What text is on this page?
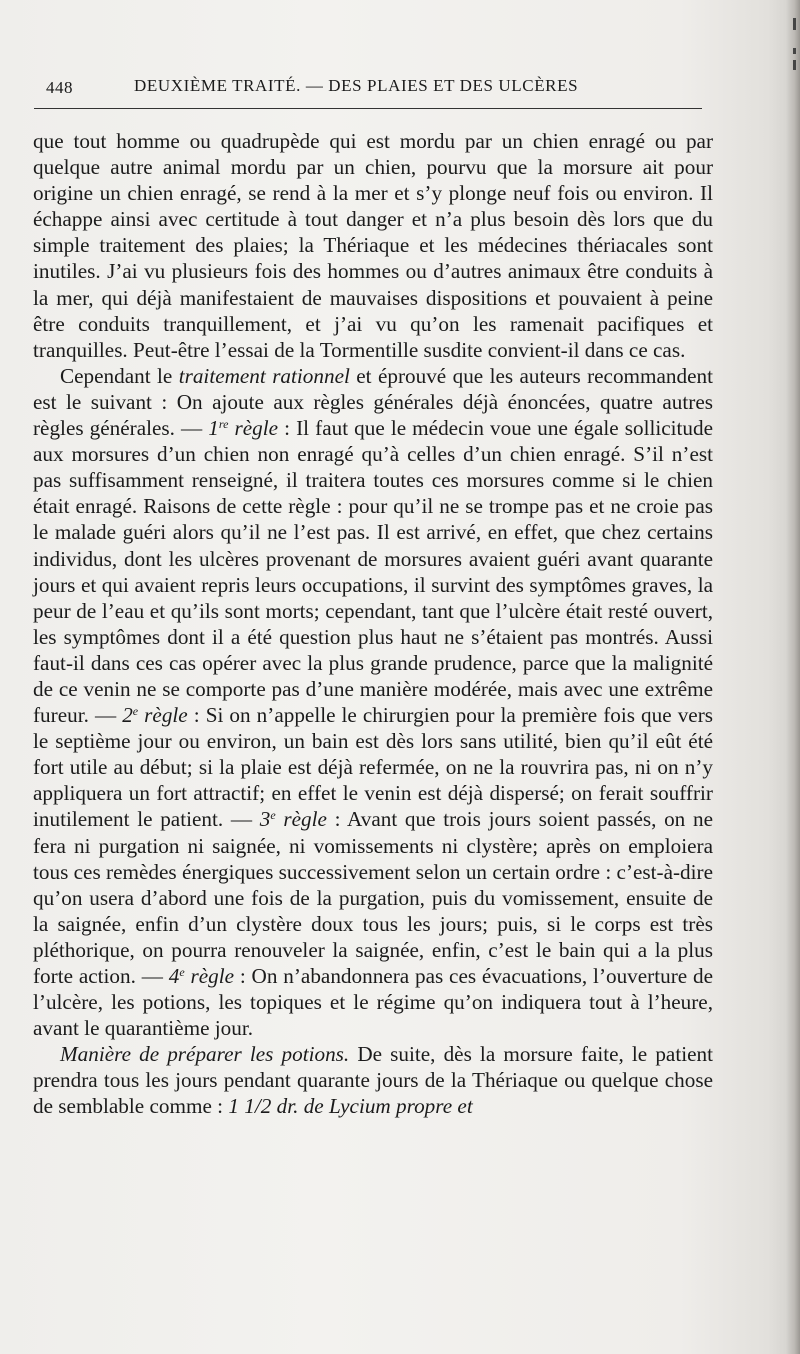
448	DEUXIÈME TRAITÉ. — DES PLAIES ET DES ULCÈRES

que tout homme ou quadrupède qui est mordu par un chien enragé ou par quelque autre animal mordu par un chien, pourvu que la morsure ait pour origine un chien enragé, se rend à la mer et s’y plonge neuf fois ou environ. Il échappe ainsi avec certitude à tout danger et n’a plus besoin dès lors que du simple traitement des plaies; la Thériaque et les médecines thériacales sont inutiles. J’ai vu plusieurs fois des hommes ou d’autres animaux être conduits à la mer, qui déjà manifestaient de mauvaises dispositions et pouvaient à peine être conduits tranquillement, et j’ai vu qu’on les ramenait pacifiques et tranquilles. Peut-être l’essai de la Tormentille susdite convient-il dans ce cas.

Cependant le traitement rationnel et éprouvé que les auteurs recommandent est le suivant : On ajoute aux règles générales déjà énoncées, quatre autres règles générales. — 1re règle : Il faut que le médecin voue une égale sollicitude aux morsures d’un chien non enragé qu’à celles d’un chien enragé. S’il n’est pas suffisamment renseigné, il traitera toutes ces morsures comme si le chien était enragé. Raisons de cette règle : pour qu’il ne se trompe pas et ne croie pas le malade guéri alors qu’il ne l’est pas. Il est arrivé, en effet, que chez certains individus, dont les ulcères provenant de morsures avaient guéri avant quarante jours et qui avaient repris leurs occupations, il survint des symptômes graves, la peur de l’eau et qu’ils sont morts; cependant, tant que l’ulcère était resté ouvert, les symptômes dont il a été question plus haut ne s’étaient pas montrés. Aussi faut-il dans ces cas opérer avec la plus grande prudence, parce que la malignité de ce venin ne se comporte pas d’une manière modérée, mais avec une extrême fureur. — 2e règle : Si on n’appelle le chirurgien pour la première fois que vers le septième jour ou environ, un bain est dès lors sans utilité, bien qu’il eût été fort utile au début; si la plaie est déjà refermée, on ne la rouvrira pas, ni on n’y appliquera un fort attractif; en effet le venin est déjà dispersé; on ferait souffrir inutilement le patient. — 3e règle : Avant que trois jours soient passés, on ne fera ni purgation ni saignée, ni vomissements ni clystère; après on emploiera tous ces remèdes énergiques successivement selon un certain ordre : c’est-à-dire qu’on usera d’abord une fois de la purgation, puis du vomissement, ensuite de la saignée, enfin d’un clystère doux tous les jours; puis, si le corps est très pléthorique, on pourra renouveler la saignée, enfin, c’est le bain qui a la plus forte action. — 4e règle : On n’abandonnera pas ces évacuations, l’ouverture de l’ulcère, les potions, les topiques et le régime qu’on indiquera tout à l’heure, avant le quarantième jour.

Manière de préparer les potions. De suite, dès la morsure faite, le patient prendra tous les jours pendant quarante jours de la Thériaque ou quelque chose de semblable comme : 1 1/2 dr. de Lycium propre et
